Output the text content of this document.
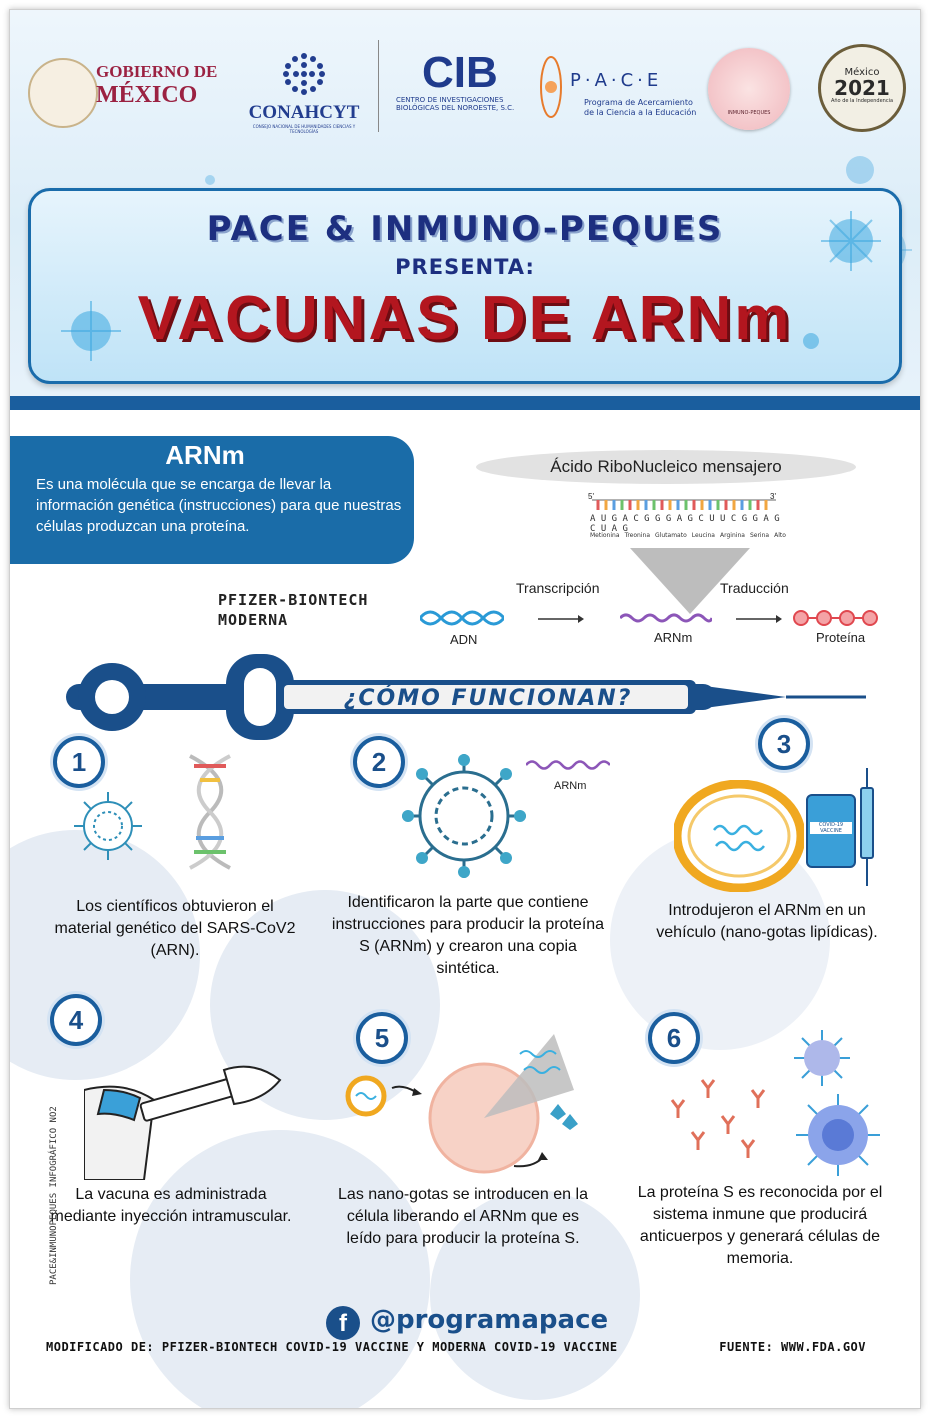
GOBIERNO DE
MÉXICO
CONAHCYT
CONSEJO NACIONAL DE HUMANIDADES CIENCIAS Y TECNOLOGÍAS
CIB
CENTRO DE INVESTIGACIONES
BIOLÓGICAS DEL NOROESTE, S.C.
P·A·C·E
Programa de Acercamiento
de la Ciencia a la Educación	INMUNO-PEQUES
México
2021
Año de la Independencia
PACE & INMUNO-PEQUES
PRESENTA:
VACUNAS DE ARNm
ARNm
Es una molécula que se encarga de llevar la información genética (instrucciones) para que nuestras células produzcan una proteína.
Ácido RiboNucleico mensajero
5'	3'
A U G A C G G G A G C U U C G G A G C U A G
Metionina Treonina Glutamato Leucina Arginina Serina Alto
PFIZER-BIONTECH
MODERNA
Transcripción	Traducción
ADN	ARNm	Proteína
¿CÓMO FUNCIONAN?
1	2
3
4
5	6
ARNm
COVID-19 VACCINE
Los científicos obtuvieron el material genético del SARS-CoV2 (ARN).
Identificaron la parte que contiene instrucciones para producir la proteína S (ARNm) y crearon una copia sintética.
Introdujeron el ARNm en un vehículo (nano-gotas lipídicas).
La vacuna es administrada mediante inyección intramuscular.
Las nano-gotas se introducen en la célula liberando el ARNm que es leído para producir la proteína S.
La proteína S es reconocida por el sistema inmune que producirá anticuerpos y generará células de memoria.
f @programapace
MODIFICADO DE: PFIZER-BIONTECH COVID-19 VACCINE Y MODERNA COVID-19 VACCINE	FUENTE: WWW.FDA.GOV
PACE&INMUNOPEQUES INFOGRÁFICO NO2
